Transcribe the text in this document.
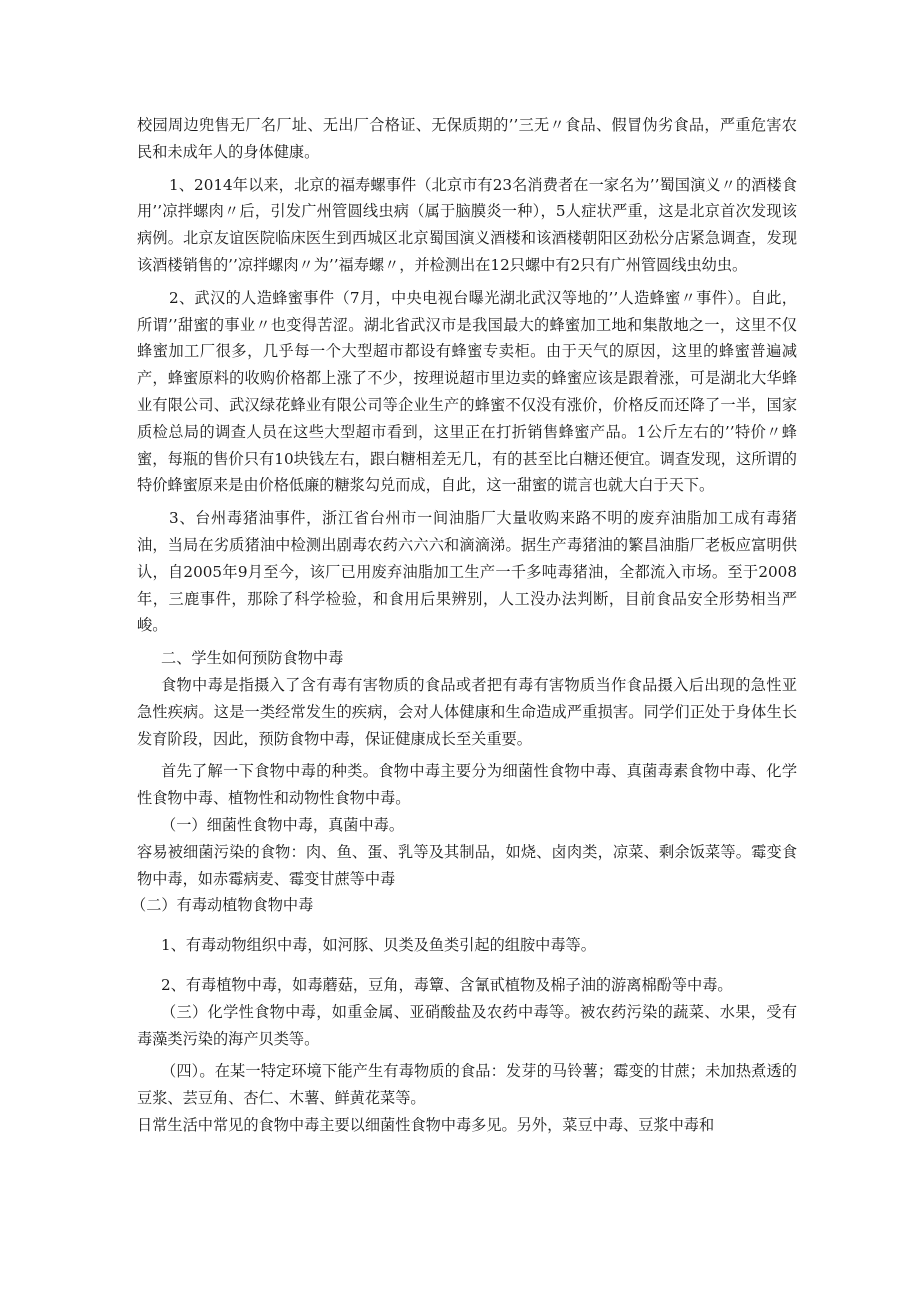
校园周边兜售无厂名厂址、无出厂合格证、无保质期的’’三无〃食品、假冒伪劣食品，严重危害农民和未成年人的身体健康。

1、2014年以来，北京的福寿螺事件（北京市有23名消费者在一家名为’’蜀国演义〃的酒楼食用’’凉拌螺肉〃后，引发广州管圆线虫病（属于脑膜炎一种），5人症状严重，这是北京首次发现该病例。北京友谊医院临床医生到西城区北京蜀国演义酒楼和该酒楼朝阳区劲松分店紧急调查，发现该酒楼销售的’’凉拌螺肉〃为’’福寿螺〃，并检测出在12只螺中有2只有广州管圆线虫幼虫。

2、武汉的人造蜂蜜事件（7月，中央电视台曝光湖北武汉等地的’’人造蜂蜜〃事件）。自此，所谓’’甜蜜的事业〃也变得苦涩。湖北省武汉市是我国最大的蜂蜜加工地和集散地之一，这里不仅蜂蜜加工厂很多，几乎每一个大型超市都设有蜂蜜专卖柜。由于天气的原因，这里的蜂蜜普遍减产，蜂蜜原料的收购价格都上涨了不少，按理说超市里边卖的蜂蜜应该是跟着涨，可是湖北大华蜂业有限公司、武汉绿花蜂业有限公司等企业生产的蜂蜜不仅没有涨价，价格反而还降了一半，国家质检总局的调查人员在这些大型超市看到，这里正在打折销售蜂蜜产品。1公斤左右的’’特价〃蜂蜜，每瓶的售价只有10块钱左右，跟白糖相差无几，有的甚至比白糖还便宜。调查发现，这所谓的特价蜂蜜原来是由价格低廉的糖浆勾兑而成，自此，这一甜蜜的谎言也就大白于天下。

3、台州毒猪油事件，浙江省台州市一间油脂厂大量收购来路不明的废弃油脂加工成有毒猪油，当局在劣质猪油中检测出剧毒农药六六六和滴滴涕。据生产毒猪油的繁昌油脂厂老板应富明供认，自2005年9月至今，该厂已用废弃油脂加工生产一千多吨毒猪油，全都流入市场。至于2008年，三鹿事件，那除了科学检验，和食用后果辨别，人工没办法判断，目前食品安全形势相当严峻。

二、学生如何预防食物中毒

食物中毒是指摄入了含有毒有害物质的食品或者把有毒有害物质当作食品摄入后出现的急性亚急性疾病。这是一类经常发生的疾病，会对人体健康和生命造成严重损害。同学们正处于身体生长发育阶段，因此，预防食物中毒，保证健康成长至关重要。

首先了解一下食物中毒的种类。食物中毒主要分为细菌性食物中毒、真菌毒素食物中毒、化学性食物中毒、植物性和动物性食物中毒。

（一）细菌性食物中毒，真菌中毒。

容易被细菌污染的食物：肉、鱼、蛋、乳等及其制品，如烧、卤肉类，凉菜、剩余饭菜等。霉变食物中毒，如赤霉病麦、霉变甘蔗等中毒

（二）有毒动植物食物中毒

1、有毒动物组织中毒，如河豚、贝类及鱼类引起的组胺中毒等。

2、有毒植物中毒，如毒蘑菇，豆角，毒簟、含氰甙植物及棉子油的游离棉酚等中毒。

（三）化学性食物中毒，如重金属、亚硝酸盐及农药中毒等。被农药污染的蔬菜、水果，受有毒藻类污染的海产贝类等。

（四）。在某一特定环境下能产生有毒物质的食品：发芽的马铃薯；霉变的甘蔗；未加热煮透的豆浆、芸豆角、杏仁、木薯、鲜黄花菜等。

日常生活中常见的食物中毒主要以细菌性食物中毒多见。另外，菜豆中毒、豆浆中毒和
